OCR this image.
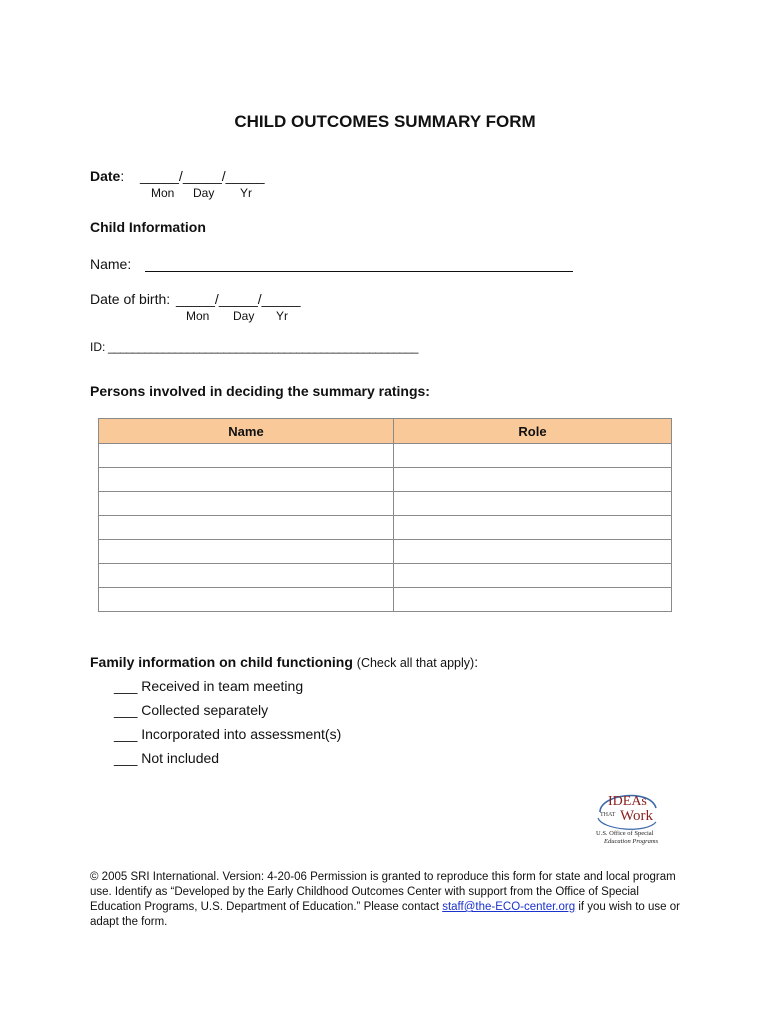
CHILD OUTCOMES SUMMARY FORM
Date: _____/_____/_____
Mon Day Yr
Child Information
Name:
Date of birth: _____/_____/_____
Mon Day Yr
ID: ___________________________________________________
Persons involved in deciding the summary ratings:
Name	Role

Family information on child functioning (Check all that apply):
___ Received in team meeting
___ Collected separately
___ Incorporated into assessment(s)
___ Not included
IDEAs
THAT Work
U.S. Office of Special
Education Programs
© 2005 SRI International. Version: 4-20-06 Permission is granted to reproduce this form for state and local program use. Identify as “Developed by the Early Childhood Outcomes Center with support from the Office of Special Education Programs, U.S. Department of Education.” Please contact staff@the-ECO-center.org if you wish to use or adapt the form.
